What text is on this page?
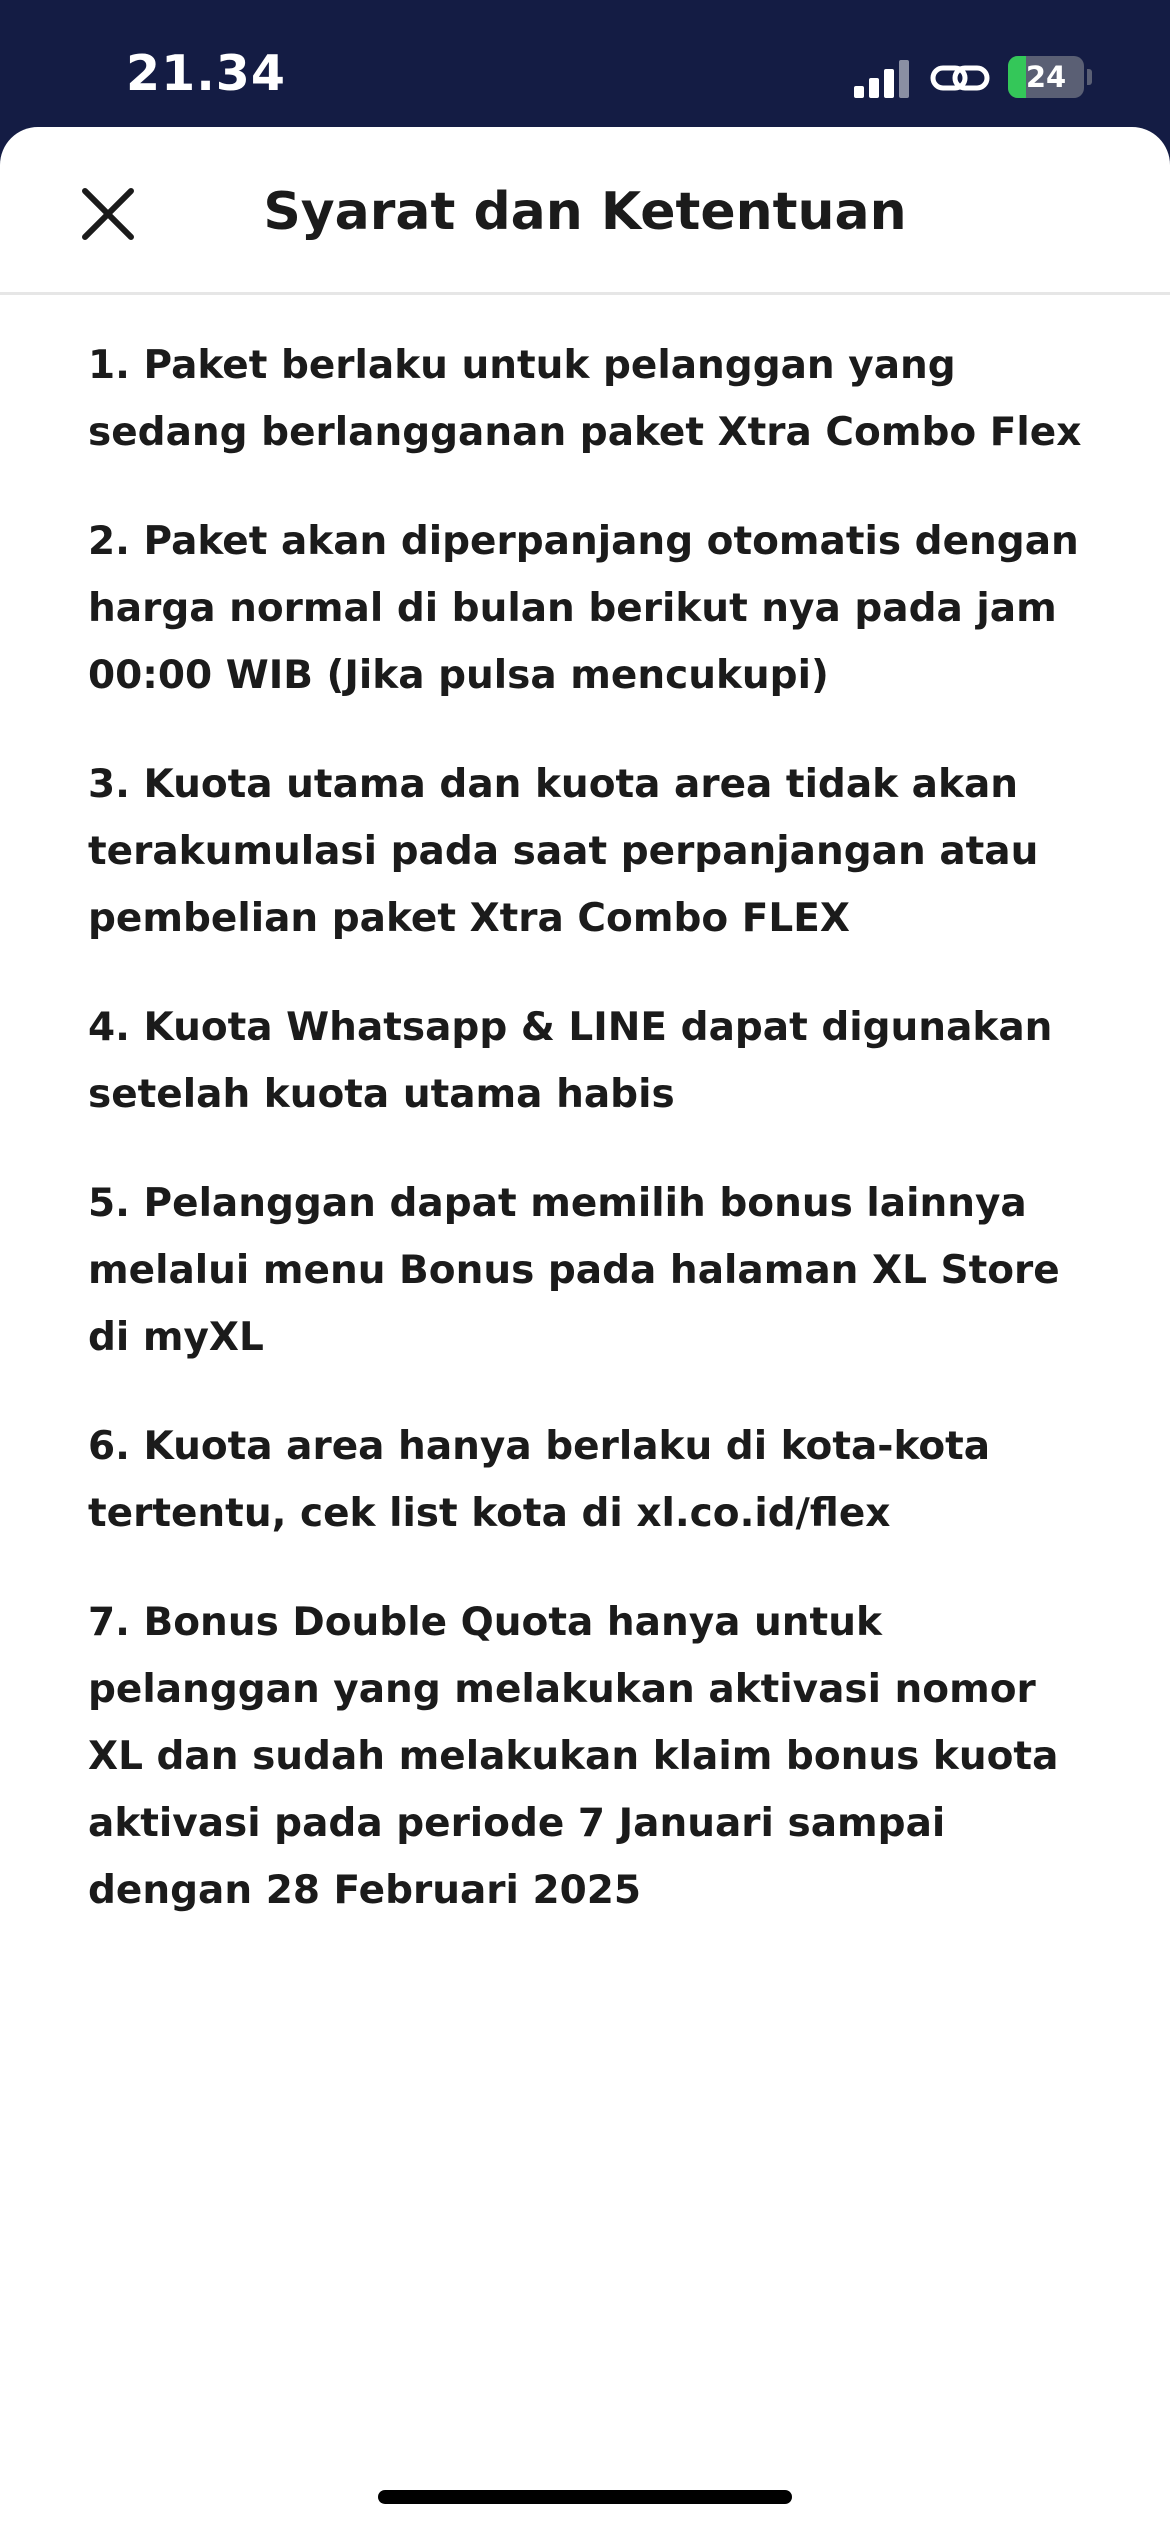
21.34	24
Syarat dan Ketentuan
1. Paket berlaku untuk pelanggan yang sedang berlangganan paket Xtra Combo Flex
2. Paket akan diperpanjang otomatis dengan harga normal di bulan berikut nya pada jam 00:00 WIB (Jika pulsa mencukupi)
3. Kuota utama dan kuota area tidak akan terakumulasi pada saat perpanjangan atau pembelian paket Xtra Combo FLEX
4. Kuota Whatsapp & LINE dapat digunakan setelah kuota utama habis
5. Pelanggan dapat memilih bonus lainnya melalui menu Bonus pada halaman XL Store di myXL
6. Kuota area hanya berlaku di kota-kota tertentu, cek list kota di xl.co.id/flex
7. Bonus Double Quota hanya untuk pelanggan yang melakukan aktivasi nomor XL dan sudah melakukan klaim bonus kuota aktivasi pada periode 7 Januari sampai dengan 28 Februari 2025
